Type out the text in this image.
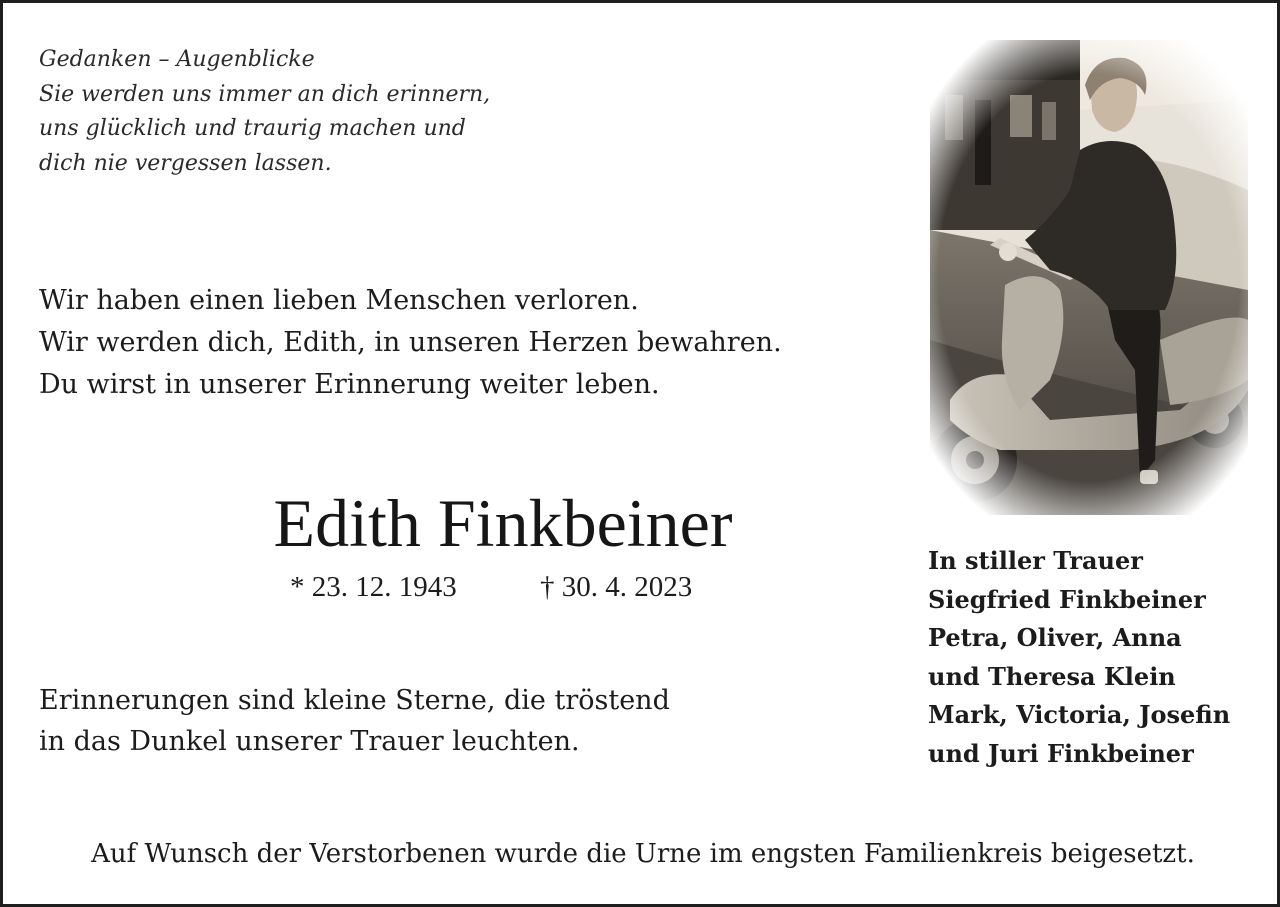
Gedanken – Augenblicke
Sie werden uns immer an dich erinnern,
uns glücklich und traurig machen und
dich nie vergessen lassen.
Wir haben einen lieben Menschen verloren.
Wir werden dich, Edith, in unseren Herzen bewahren.
Du wirst in unserer Erinnerung weiter leben.
Edith Finkbeiner
* 23. 12. 1943	† 30. 4. 2023
Erinnerungen sind kleine Sterne, die tröstend
in das Dunkel unserer Trauer leuchten.
In stiller Trauer
Siegfried Finkbeiner
Petra, Oliver, Anna
und Theresa Klein
Mark, Victoria, Josefin
und Juri Finkbeiner
Auf Wunsch der Verstorbenen wurde die Urne im engsten Familienkreis beigesetzt.
